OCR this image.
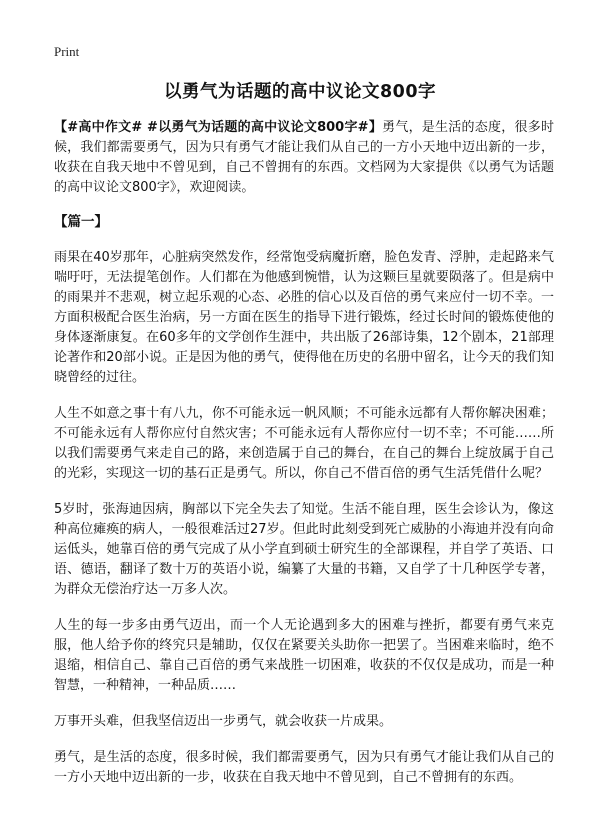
Print
以勇气为话题的高中议论文800字

【#高中作文# #以勇气为话题的高中议论文800字#】勇气，是生活的态度，很多时候，我们都需要勇气，因为只有勇气才能让我们从自己的一方小天地中迈出新的一步，收获在自我天地中不曾见到，自己不曾拥有的东西。文档网为大家提供《以勇气为话题的高中议论文800字》，欢迎阅读。

【篇一】

雨果在40岁那年，心脏病突然发作，经常饱受病魔折磨，脸色发青、浮肿，走起路来气喘吁吁，无法提笔创作。人们都在为他感到惋惜，认为这颗巨星就要陨落了。但是病中的雨果并不悲观，树立起乐观的心态、必胜的信心以及百倍的勇气来应付一切不幸。一方面积极配合医生治病，另一方面在医生的指导下进行锻炼，经过长时间的锻炼使他的身体逐渐康复。在60多年的文学创作生涯中，共出版了26部诗集，12个剧本，21部理论著作和20部小说。正是因为他的勇气，使得他在历史的名册中留名，让今天的我们知晓曾经的过往。

人生不如意之事十有八九，你不可能永远一帆风顺；不可能永远都有人帮你解决困难；不可能永远有人帮你应付自然灾害；不可能永远有人帮你应付一切不幸；不可能……所以我们需要勇气来走自己的路，来创造属于自己的舞台，在自己的舞台上绽放属于自己的光彩，实现这一切的基石正是勇气。所以，你自己不借百倍的勇气生活凭借什么呢？

5岁时，张海迪因病，胸部以下完全失去了知觉。生活不能自理，医生会诊认为，像这种高位瘫痪的病人，一般很难活过27岁。但此时此刻受到死亡威胁的小海迪并没有向命运低头，她靠百倍的勇气完成了从小学直到硕士研究生的全部课程，并自学了英语、口语、德语，翻译了数十万的英语小说，编纂了大量的书籍，又自学了十几种医学专著，为群众无偿治疗达一万多人次。

人生的每一步多由勇气迈出，而一个人无论遇到多大的困难与挫折，都要有勇气来克服，他人给予你的终究只是辅助，仅仅在紧要关头助你一把罢了。当困难来临时，绝不退缩，相信自己、靠自己百倍的勇气来战胜一切困难，收获的不仅仅是成功，而是一种智慧，一种精神，一种品质……

万事开头难，但我坚信迈出一步勇气，就会收获一片成果。

勇气，是生活的态度，很多时候，我们都需要勇气，因为只有勇气才能让我们从自己的一方小天地中迈出新的一步，收获在自我天地中不曾见到，自己不曾拥有的东西。
